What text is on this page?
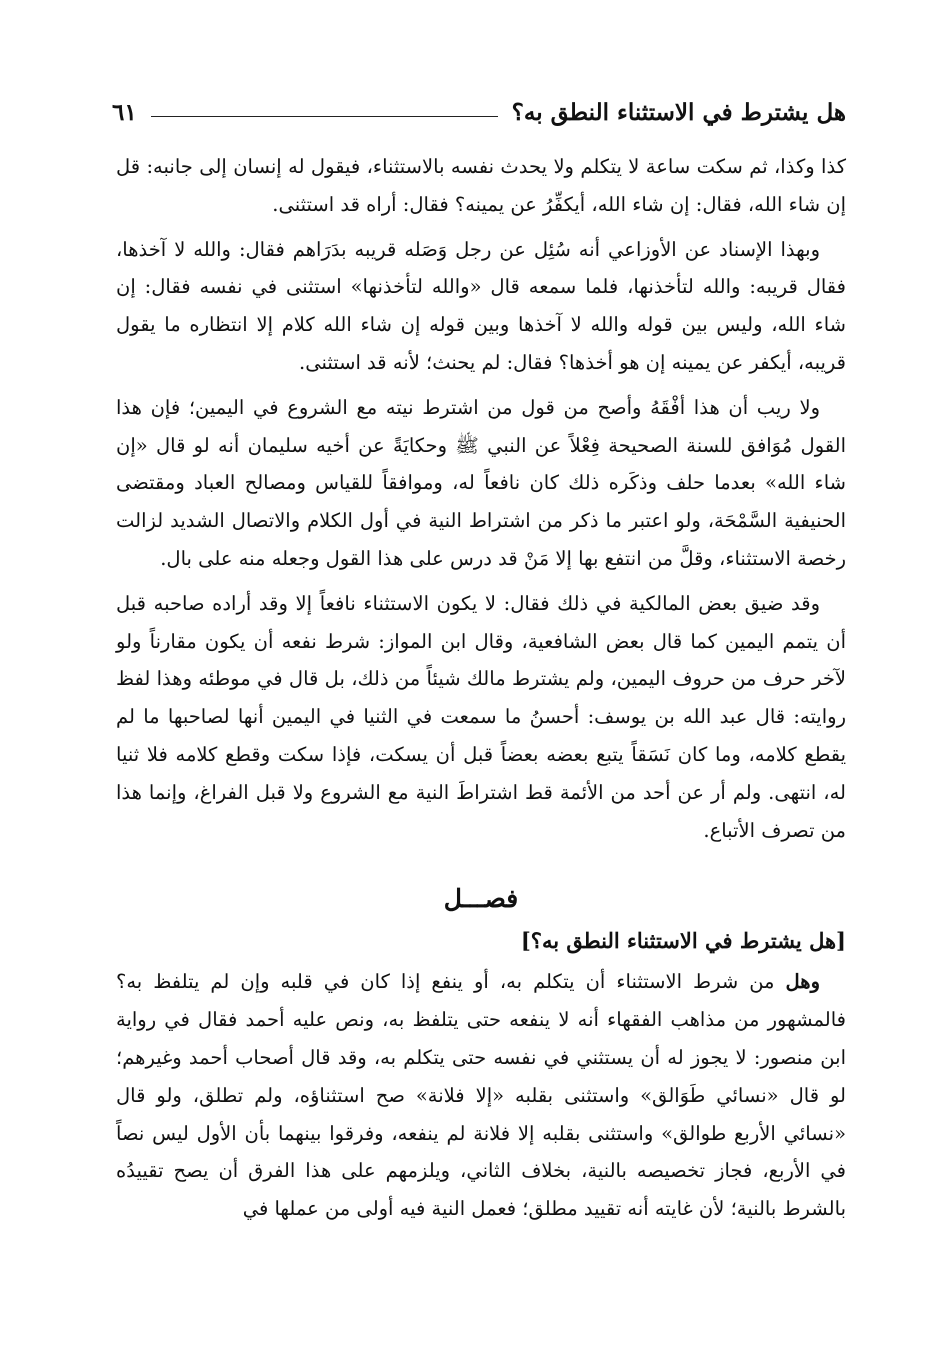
هل يشترط في الاستثناء النطق به؟
٦١

كذا وكذا، ثم سكت ساعة لا يتكلم ولا يحدث نفسه بالاستثناء، فيقول له إنسان إلى جانبه: قل إن شاء الله، فقال: إن شاء الله، أيكفِّرُ عن يمينه؟ فقال: أراه قد استثنى.

وبهذا الإسناد عن الأوزاعي أنه سُئِل عن رجل وَصَله قريبه بدَرَاهم فقال: والله لا آخذها، فقال قريبه: والله لتأخذنها، فلما سمعه قال «والله لتأخذنها» استثنى في نفسه فقال: إن شاء الله، وليس بين قوله والله لا آخذها وبين قوله إن شاء الله كلام إلا انتظاره ما يقول قريبه، أيكفر عن يمينه إن هو أخذها؟ فقال: لم يحنث؛ لأنه قد استثنى.

ولا ريب أن هذا أفْقَهُ وأصح من قول من اشترط نيته مع الشروع في اليمين؛ فإن هذا القول مُوَافق للسنة الصحيحة فِعْلاً عن النبي ﷺ وحكايَةً عن أخيه سليمان أنه لو قال «إن شاء الله» بعدما حلف وذكَره ذلك كان نافعاً له، وموافقاً للقياس ومصالح العباد ومقتضى الحنيفية السَّمْحَة، ولو اعتبر ما ذكر من اشتراط النية في أول الكلام والاتصال الشديد لزالت رخصة الاستثناء، وقلَّ من انتفع بها إلا مَنْ قد درس على هذا القول وجعله منه على بال.

وقد ضيق بعض المالكية في ذلك فقال: لا يكون الاستثناء نافعاً إلا وقد أراده صاحبه قبل أن يتمم اليمين كما قال بعض الشافعية، وقال ابن المواز: شرط نفعه أن يكون مقارناً ولو لآخر حرف من حروف اليمين، ولم يشترط مالك شيئاً من ذلك، بل قال في موطئه وهذا لفظ روايته: قال عبد الله بن يوسف: أحسنُ ما سمعت في الثنيا في اليمين أنها لصاحبها ما لم يقطع كلامه، وما كان نَسَقاً يتبع بعضه بعضاً قبل أن يسكت، فإذا سكت وقطع كلامه فلا ثنيا له، انتهى. ولم أر عن أحد من الأئمة قط اشتراطَ النية مع الشروع ولا قبل الفراغ، وإنما هذا من تصرف الأتباع.

فصـــل
[هل يشترط في الاستثناء النطق به؟]

وهل من شرط الاستثناء أن يتكلم به، أو ينفع إذا كان في قلبه وإن لم يتلفظ به؟ فالمشهور من مذاهب الفقهاء أنه لا ينفعه حتى يتلفظ به، ونص عليه أحمد فقال في رواية ابن منصور: لا يجوز له أن يستثني في نفسه حتى يتكلم به، وقد قال أصحاب أحمد وغيرهم؛ لو قال «نسائي طَوَالق» واستثنى بقلبه «إلا فلانة» صح استثناؤه، ولم تطلق، ولو قال «نسائي الأربع طوالق» واستثنى بقلبه إلا فلانة لم ينفعه، وفرقوا بينهما بأن الأول ليس نصاً في الأربع، فجاز تخصيصه بالنية، بخلاف الثاني، ويلزمهم على هذا الفرق أن يصح تقييدُه بالشرط بالنية؛ لأن غايته أنه تقييد مطلق؛ فعمل النية فيه أولى من عملها في
